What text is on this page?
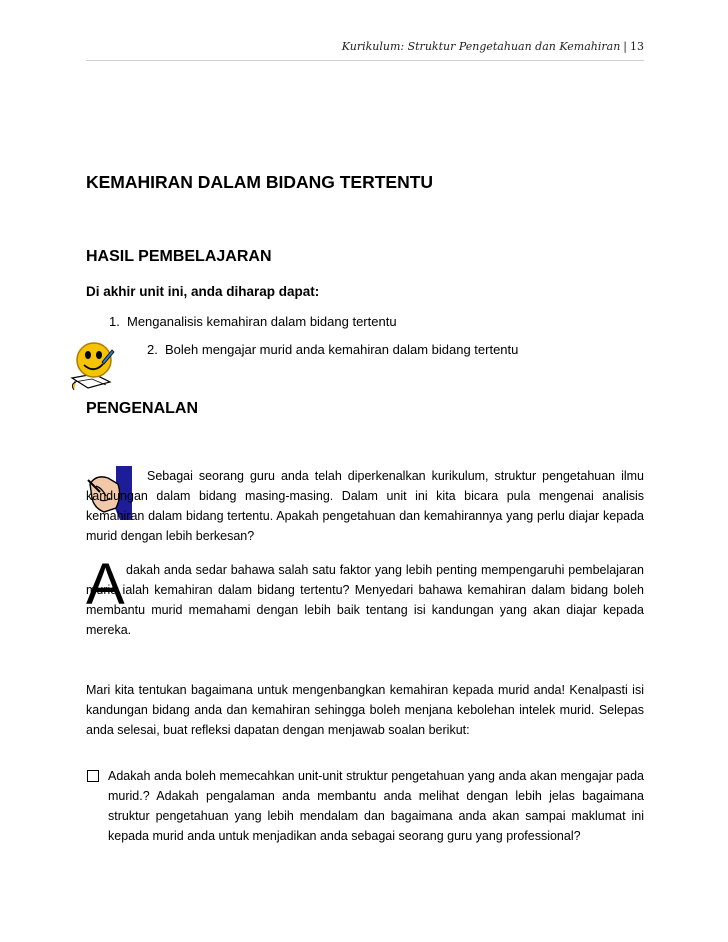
Kurikulum: Struktur Pengetahuan dan Kemahiran | 13
KEMAHIRAN DALAM BIDANG TERTENTU
HASIL PEMBELAJARAN
Di akhir unit ini, anda diharap dapat:
1. Menganalisis kemahiran dalam bidang tertentu
2. Boleh mengajar murid anda kemahiran dalam bidang tertentu
PENGENALAN
Sebagai seorang guru anda telah diperkenalkan kurikulum, struktur pengetahuan ilmu kandungan dalam bidang masing-masing. Dalam unit ini kita bicara pula mengenai analisis kemahiran dalam bidang tertentu. Apakah pengetahuan dan kemahirannya yang perlu diajar kepada murid dengan lebih berkesan?
A dakah anda sedar bahawa salah satu faktor yang lebih penting mempengaruhi pembelajaran murid ialah kemahiran dalam bidang tertentu? Menyedari bahawa kemahiran dalam bidang boleh membantu murid memahami dengan lebih baik tentang isi kandungan yang akan diajar kepada mereka.
Mari kita tentukan bagaimana untuk mengenbangkan kemahiran kepada murid anda! Kenalpasti isi kandungan bidang anda dan kemahiran sehingga boleh menjana kebolehan intelek murid. Selepas anda selesai, buat refleksi dapatan dengan menjawab soalan berikut:
Adakah anda boleh memecahkan unit-unit struktur pengetahuan yang anda akan mengajar pada murid.? Adakah pengalaman anda membantu anda melihat dengan lebih jelas bagaimana struktur pengetahuan yang lebih mendalam dan bagaimana anda akan sampai maklumat ini kepada murid anda untuk menjadikan anda sebagai seorang guru yang professional?
